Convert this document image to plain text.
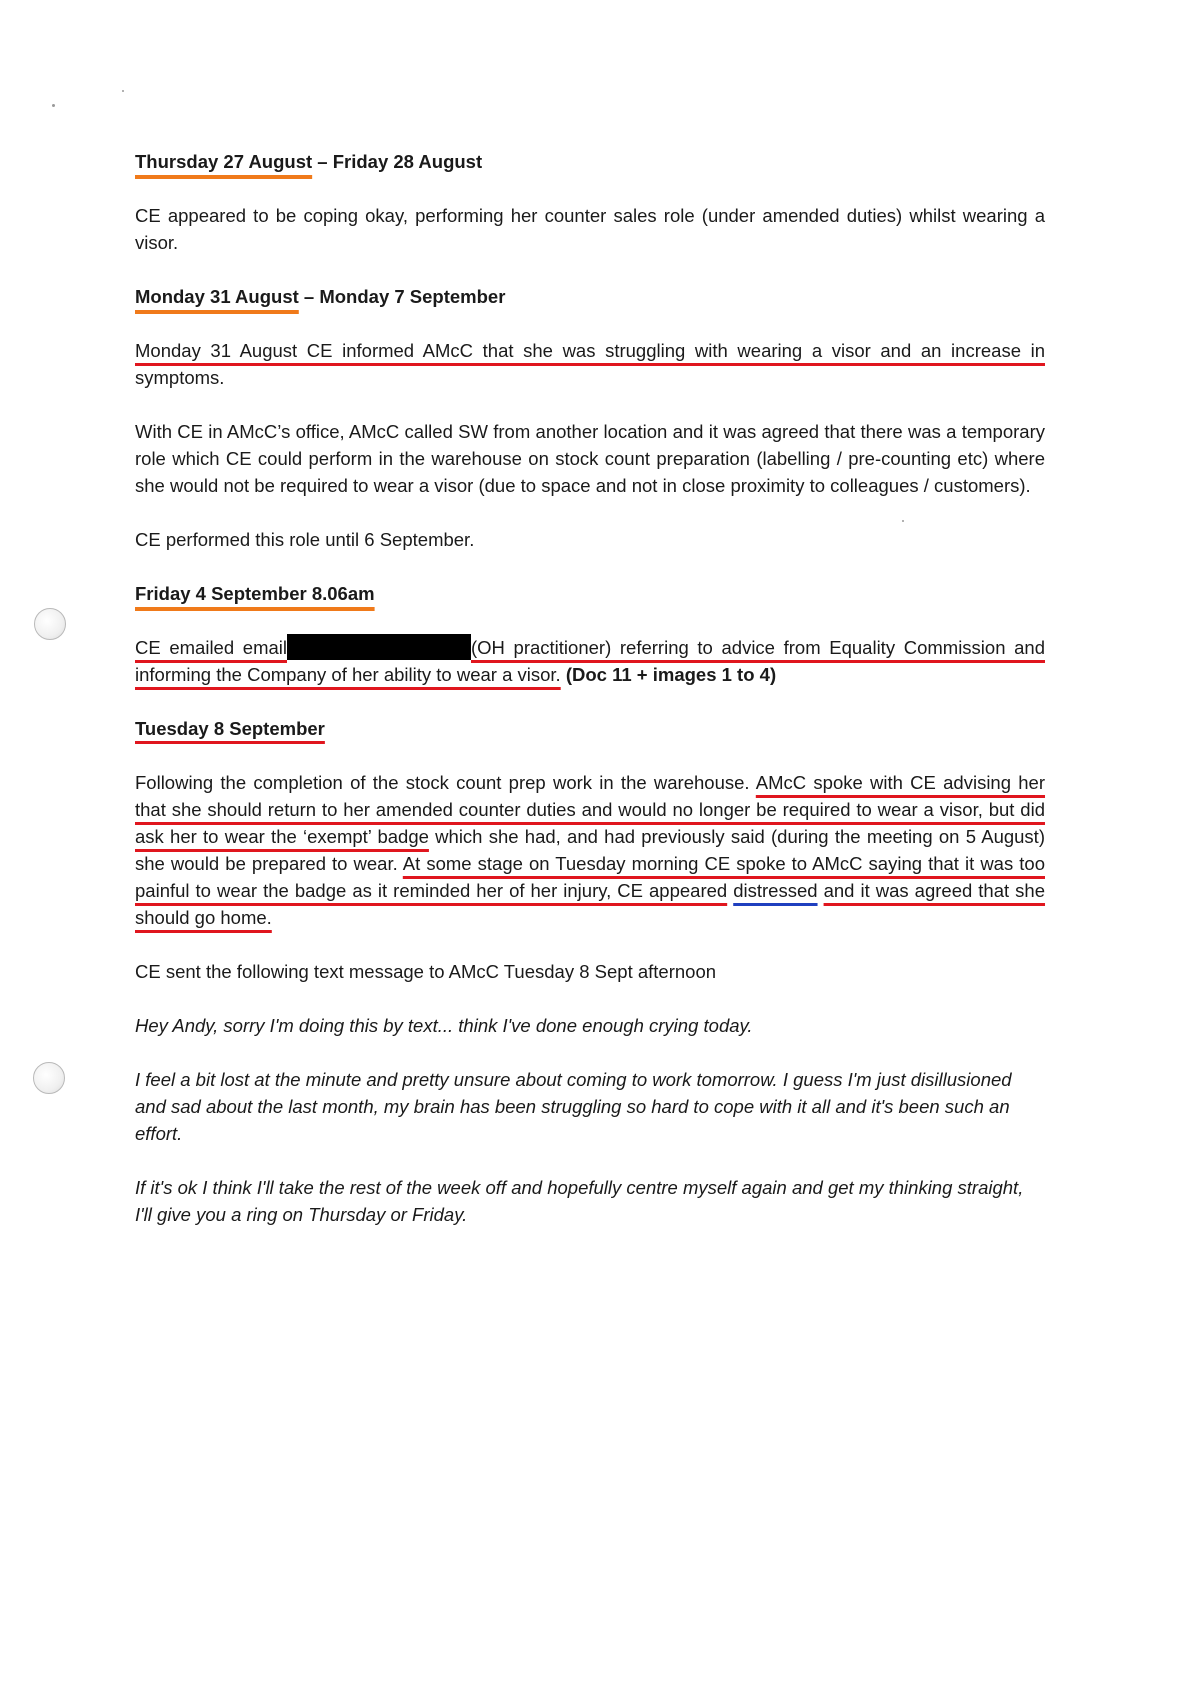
Thursday 27 August – Friday 28 August

CE appeared to be coping okay, performing her counter sales role (under amended duties) whilst wearing a visor.

Monday 31 August – Monday 7 September

Monday 31 August CE informed AMcC that she was struggling with wearing a visor and an increase in symptoms.

With CE in AMcC’s office, AMcC called SW from another location and it was agreed that there was a temporary role which CE could perform in the warehouse on stock count preparation (labelling / pre-counting etc) where she would not be required to wear a visor (due to space and not in close proximity to colleagues / customers).

CE performed this role until 6 September.

Friday 4 September 8.06am

CE emailed email	(OH practitioner) referring to advice from Equality Commission and informing the Company of her ability to wear a visor. (Doc 11 + images 1 to 4)

Tuesday 8 September

Following the completion of the stock count prep work in the warehouse. AMcC spoke with CE advising her that she should return to her amended counter duties and would no longer be required to wear a visor, but did ask her to wear the ‘exempt’ badge which she had, and had previously said (during the meeting on 5 August) she would be prepared to wear. At some stage on Tuesday morning CE spoke to AMcC saying that it was too painful to wear the badge as it reminded her of her injury, CE appeared distressed and it was agreed that she should go home.

CE sent the following text message to AMcC Tuesday 8 Sept afternoon

Hey Andy, sorry I'm doing this by text... think I've done enough crying today.

I feel a bit lost at the minute and pretty unsure about coming to work tomorrow. I guess I'm just disillusioned and sad about the last month, my brain has been struggling so hard to cope with it all and it's been such an effort.

If it's ok I think I'll take the rest of the week off and hopefully centre myself again and get my thinking straight, I'll give you a ring on Thursday or Friday.
